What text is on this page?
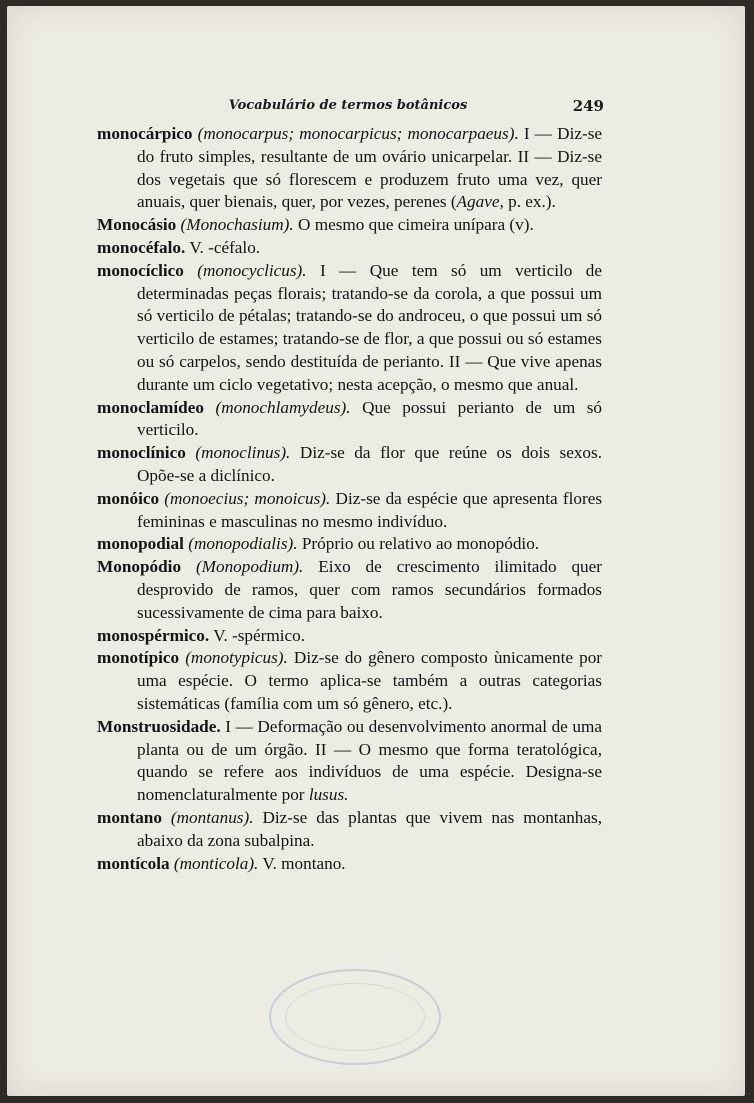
Vocabulário de termos botânicos	249

monocárpico (monocarpus; monocarpicus; monocarpaeus). I — Diz-se do fruto simples, resultante de um ovário unicarpelar. II — Diz-se dos vegetais que só florescem e produzem fruto uma vez, quer anuais, quer bienais, quer, por vezes, perenes (Agave, p. ex.).

Monocásio (Monochasium). O mesmo que cimeira unípara (v).

monocéfalo. V. -céfalo.

monocíclico (monocyclicus). I — Que tem só um verticilo de determinadas peças florais; tratando-se da corola, a que possui um só verticilo de pétalas; tratando-se do androceu, o que possui um só verticilo de estames; tratando-se de flor, a que possui ou só estames ou só carpelos, sendo destituída de perianto. II — Que vive apenas durante um ciclo vegetativo; nesta acepção, o mesmo que anual.

monoclamídeo (monochlamydeus). Que possui perianto de um só verticilo.

monoclínico (monoclinus). Diz-se da flor que reúne os dois sexos. Opõe-se a diclínico.

monóico (monoecius; monoicus). Diz-se da espécie que apresenta flores femininas e masculinas no mesmo indivíduo.

monopodial (monopodialis). Próprio ou relativo ao monopódio.

Monopódio (Monopodium). Eixo de crescimento ilimitado quer desprovido de ramos, quer com ramos secundários formados sucessivamente de cima para baixo.

monospérmico. V. -spérmico.

monotípico (monotypicus). Diz-se do gênero composto ùnicamente por uma espécie. O termo aplica-se também a outras categorias sistemáticas (família com um só gênero, etc.).

Monstruosidade. I — Deformação ou desenvolvimento anormal de uma planta ou de um órgão. II — O mesmo que forma teratológica, quando se refere aos indivíduos de uma espécie. Designa-se nomenclaturalmente por lusus.

montano (montanus). Diz-se das plantas que vivem nas montanhas, abaixo da zona subalpina.

montícola (monticola). V. montano.
